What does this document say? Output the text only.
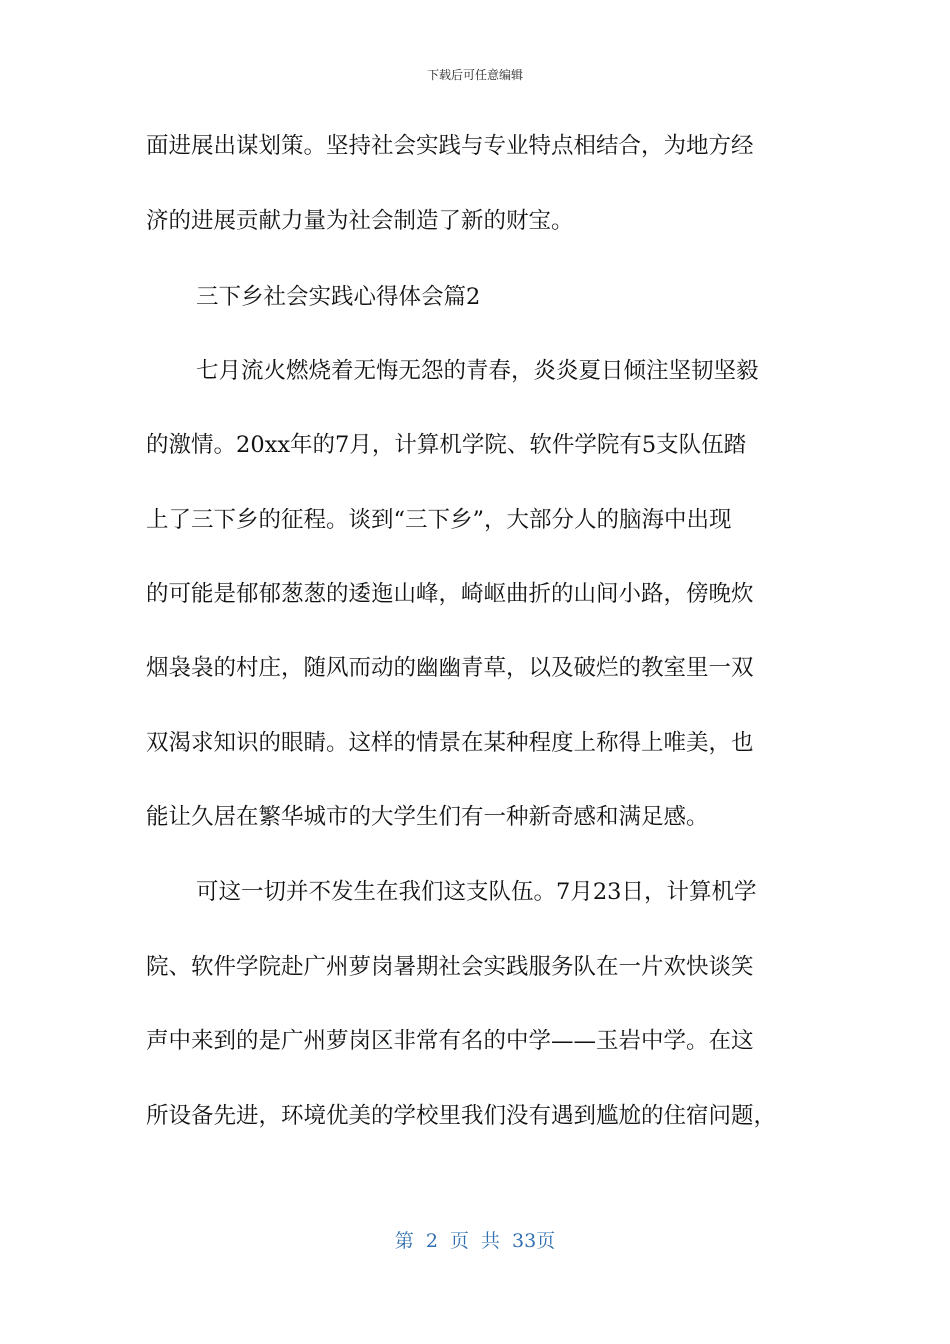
下载后可任意编辑
面进展出谋划策。坚持社会实践与专业特点相结合，为地方经
济的进展贡献力量为社会制造了新的财宝。
三下乡社会实践心得体会篇2
七月流火燃烧着无悔无怨的青春，炎炎夏日倾注坚韧坚毅
的激情。20xx年的7月，计算机学院、软件学院有5支队伍踏
上了三下乡的征程。谈到“三下乡”，大部分人的脑海中出现
的可能是郁郁葱葱的逶迤山峰，崎岖曲折的山间小路，傍晚炊
烟袅袅的村庄，随风而动的幽幽青草，以及破烂的教室里一双
双渴求知识的眼睛。这样的情景在某种程度上称得上唯美，也
能让久居在繁华城市的大学生们有一种新奇感和满足感。
可这一切并不发生在我们这支队伍。7月23日，计算机学
院、软件学院赴广州萝岗暑期社会实践服务队在一片欢快谈笑
声中来到的是广州萝岗区非常有名的中学——玉岩中学。在这
所设备先进，环境优美的学校里我们没有遇到尴尬的住宿问题，
第 2 页 共 33页
